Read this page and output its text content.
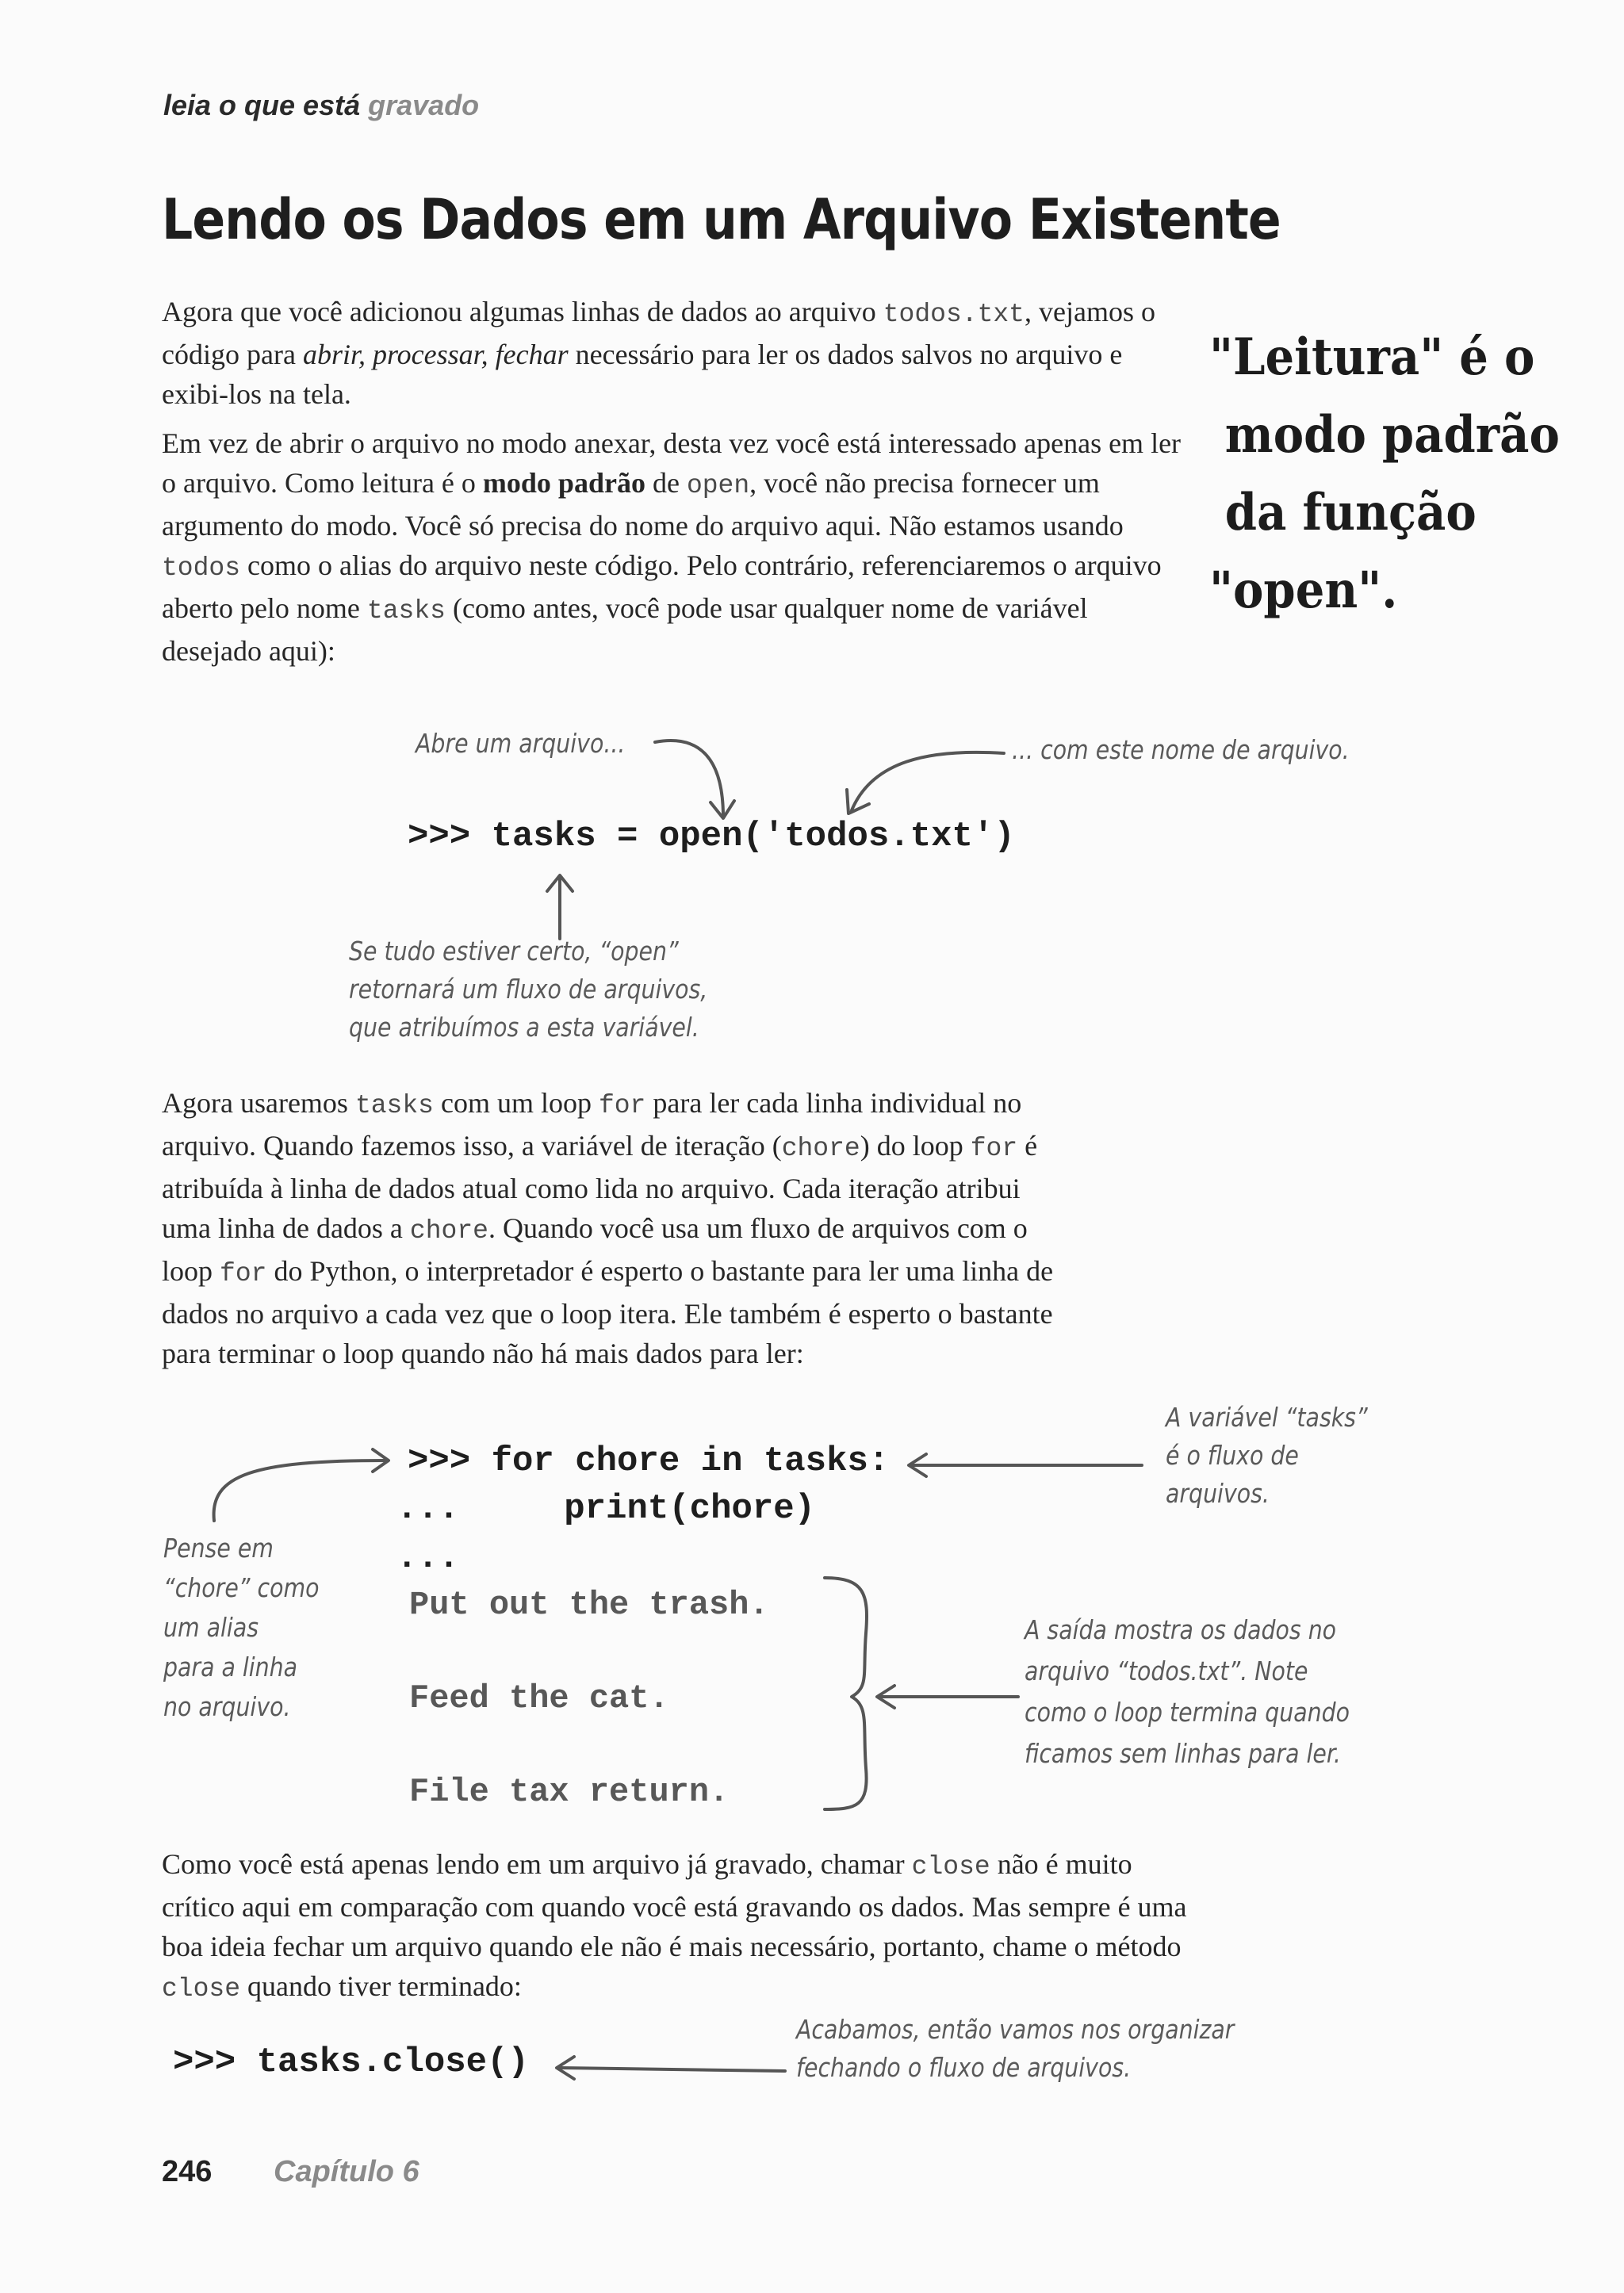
leia o que está gravado
Lendo os Dados em um Arquivo Existente
Agora que você adicionou algumas linhas de dados ao arquivo todos.txt, vejamos o código para abrir, processar, fechar necessário para ler os dados salvos no arquivo e exibi-los na tela.
Em vez de abrir o arquivo no modo anexar, desta vez você está interessado apenas em ler o arquivo. Como leitura é o modo padrão de open, você não precisa fornecer um argumento do modo. Você só precisa do nome do arquivo aqui. Não estamos usando todos como o alias do arquivo neste código. Pelo contrário, referenciaremos o arquivo aberto pelo nome tasks (como antes, você pode usar qualquer nome de variável desejado aqui):
"Leitura" é o
modo padrão
da função
"open".
Abre um arquivo...	... com este nome de arquivo.
>>> tasks = open('todos.txt')
Se tudo estiver certo, “open”
retornará um fluxo de arquivos,
que atribuímos a esta variável.
Agora usaremos tasks com um loop for para ler cada linha individual no arquivo. Quando fazemos isso, a variável de iteração (chore) do loop for é atribuída à linha de dados atual como lida no arquivo. Cada iteração atribui uma linha de dados a chore. Quando você usa um fluxo de arquivos com o loop for do Python, o interpretador é esperto o bastante para ler uma linha de dados no arquivo a cada vez que o loop itera. Ele também é esperto o bastante para terminar o loop quando não há mais dados para ler:
>>> for chore in tasks:
...     print(chore)
...
Put out the trash.
Feed the cat.
File tax return.
A variável “tasks”
é o fluxo de
arquivos.
Pense em
“chore” como
um alias
para a linha
no arquivo.
A saída mostra os dados no
arquivo “todos.txt”. Note
como o loop termina quando
ficamos sem linhas para ler.
Como você está apenas lendo em um arquivo já gravado, chamar close não é muito crítico aqui em comparação com quando você está gravando os dados. Mas sempre é uma boa ideia fechar um arquivo quando ele não é mais necessário, portanto, chame o método close quando tiver terminado:
>>> tasks.close()
Acabamos, então vamos nos organizar
fechando o fluxo de arquivos.
246 Capítulo 6
